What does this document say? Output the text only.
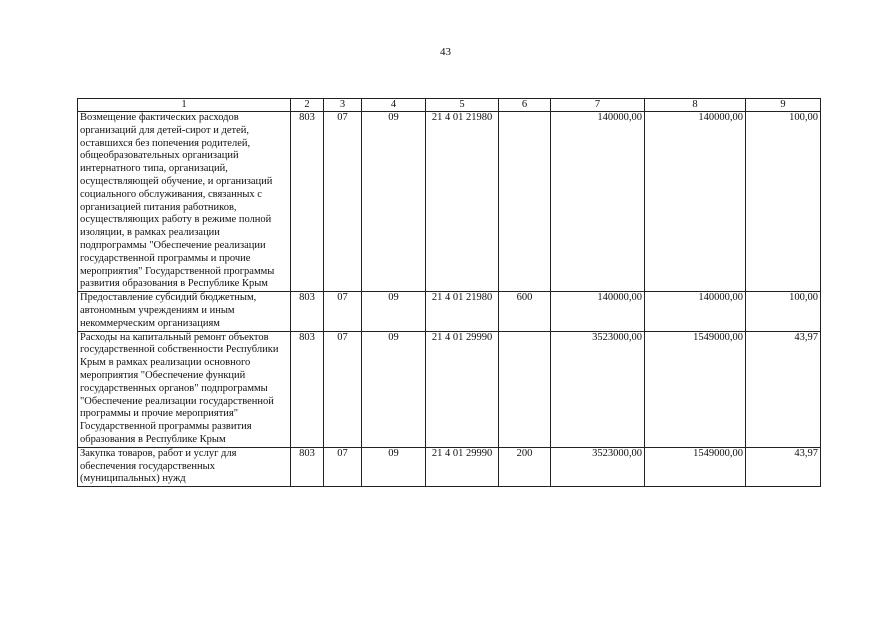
43
1	2	3	4	5	6	7	8	9
Возмещение фактических расходов организаций для детей-сирот и детей, оставшихся без попечения родителей, общеобразовательных организаций интернатного типа, организаций, осуществляющей обучение, и организаций социального обслуживания, связанных с организацией питания работников, осуществляющих работу в режиме полной изоляции, в рамках реализации подпрограммы "Обеспечение реализации государственной программы и прочие мероприятия" Государственной программы развития образования в Республике Крым	803	07	09	21 4 01 21980		140000,00	140000,00	100,00
Предоставление субсидий бюджетным, автономным учреждениям и иным некоммерческим организациям	803	07	09	21 4 01 21980	600	140000,00	140000,00	100,00
Расходы на капитальный ремонт объектов государственной собственности Республики Крым в рамках реализации основного мероприятия "Обеспечение функций государственных органов" подпрограммы "Обеспечение реализации государственной программы и прочие мероприятия" Государственной программы развития образования в Республике Крым	803	07	09	21 4 01 29990		3523000,00	1549000,00	43,97
Закупка товаров, работ и услуг для обеспечения государственных (муниципальных) нужд	803	07	09	21 4 01 29990	200	3523000,00	1549000,00	43,97
